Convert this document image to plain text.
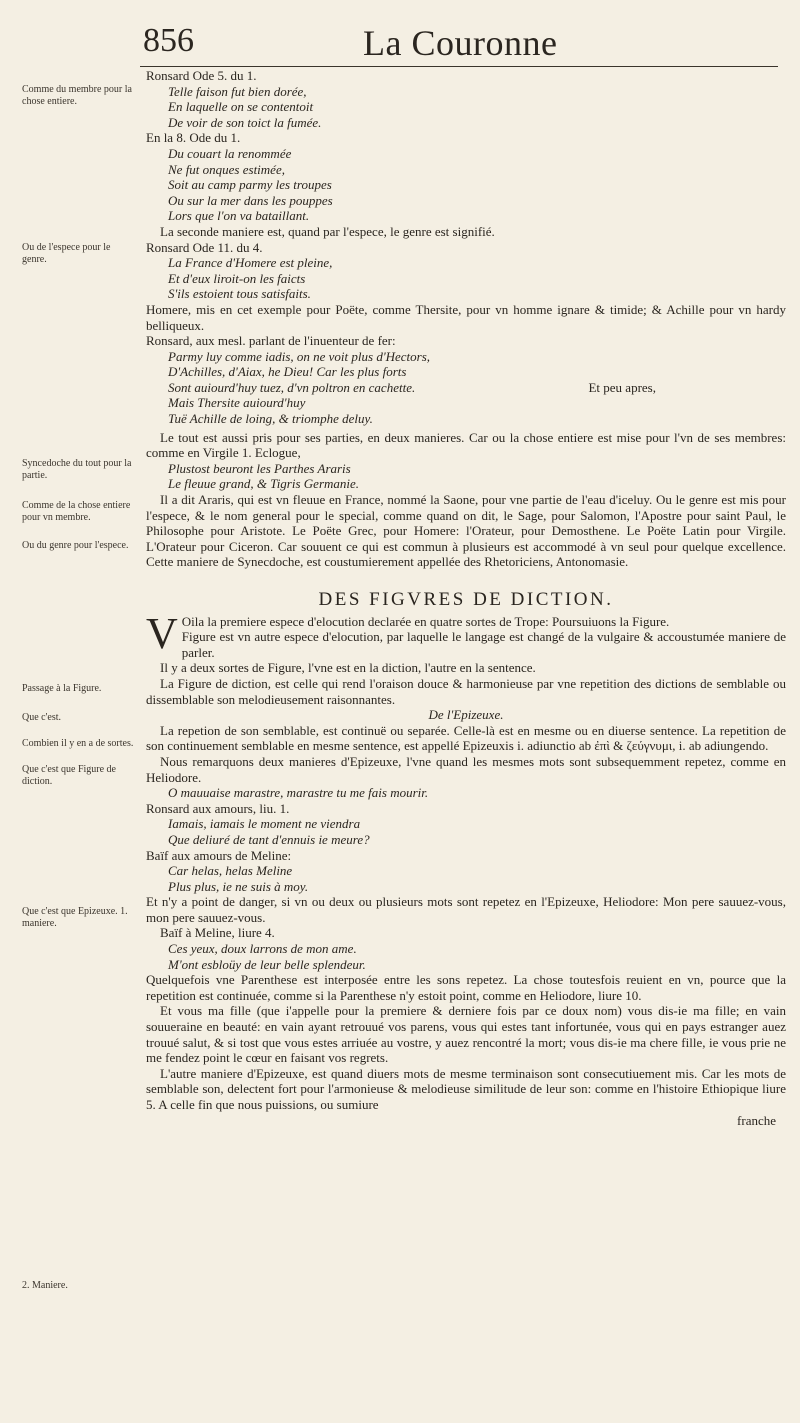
856	La Couronne
Comme du membre pour la chose entiere.
Ou de l'espece pour le genre.
Syncedoche du tout pour la partie.
Comme de la chose entiere pour vn membre.
Ou du genre pour l'espece.
Passage à la Figure.
Que c'est.
Combien il y en a de sortes.
Que c'est que Figure de diction.
Que c'est que Epizeuxe. 1. maniere.
2. Maniere.
Ronsard Ode 5. du 1.
Telle faison fut bien dorée,
En laquelle on se contentoit
De voir de son toict la fumée.
En la 8. Ode du 1.
Du couart la renommée
Ne fut onques estimée,
Soit au camp parmy les troupes
Ou sur la mer dans les pouppes
Lors que l'on va bataillant.
La seconde maniere est, quand par l'espece, le genre est signifié.
Ronsard Ode 11. du 4.
La France d'Homere est pleine,
Et d'eux liroit-on les faicts
S'ils estoient tous satisfaits.

Homere, mis en cet exemple pour Poëte, comme Thersite, pour vn homme ignare & timide; & Achille pour vn hardy belliqueux.

Ronsard, aux mesl. parlant de l'inuenteur de fer:
Parmy luy comme iadis, on ne voit plus d'Hectors,
D'Achilles, d'Aiax, he Dieu! Car les plus forts
Sont auiourd'huy tuez, d'vn poltron en cachette.	Et peu apres,
Mais Thersite auiourd'huy
Tuë Achille de loing, & triomphe deluy.

Le tout est aussi pris pour ses parties, en deux manieres. Car ou la chose entiere est mise pour l'vn de ses membres: comme en Virgile 1. Eclogue,

Plustost beuront les Parthes Araris
Le fleuue grand, & Tigris Germanie.

Il a dit Araris, qui est vn fleuue en France, nommé la Saone, pour vne partie de l'eau d'iceluy. Ou le genre est mis pour l'espece, & le nom general pour le special, comme quand on dit, le Sage, pour Salomon, l'Apostre pour saint Paul, le Philosophe pour Aristote. Le Poëte Grec, pour Homere: l'Orateur, pour Demosthene. Le Poëte Latin pour Virgile. L'Orateur pour Ciceron. Car souuent ce qui est commun à plusieurs est accommodé à vn seul pour quelque excellence. Cette maniere de Synecdoche, est coustumierement appellée des Rhetoriciens, Antonomasie.

DES FIGVRES DE DICTION.
V Oila la premiere espece d'elocution declarée en quatre sortes de Trope: Poursuiuons la Figure.

Figure est vn autre espece d'elocution, par laquelle le langage est changé de la vulgaire & accoustumée maniere de parler.

Il y a deux sortes de Figure, l'vne est en la diction, l'autre en la sentence.

La Figure de diction, est celle qui rend l'oraison douce & harmonieuse par vne repetition des dictions de semblable ou dissemblable son melodieusement raisonnantes.

De l'Epizeuxe.

La repetion de son semblable, est continuë ou separée. Celle-là est en mesme ou en diuerse sentence. La repetition de son continuement semblable en mesme sentence, est appellé Epizeuxis i. adiunctio ab ἐπὶ & ζεύγνυμι, i. ab adiungendo.

Nous remarquons deux manieres d'Epizeuxe, l'vne quand les mesmes mots sont subsequemment repetez, comme en Heliodore.

O mauuaise marastre, marastre tu me fais mourir.
Ronsard aux amours, liu. 1.
Iamais, iamais le moment ne viendra
Que deliuré de tant d'ennuis ie meure?
Baïf aux amours de Meline:
Car helas, helas Meline
Plus plus, ie ne suis à moy.

Et n'y a point de danger, si vn ou deux ou plusieurs mots sont repetez en l'Epizeuxe, Heliodore: Mon pere sauuez-vous, mon pere sauuez-vous.

Baïf à Meline, liure 4.
Ces yeux, doux larrons de mon ame.
M'ont esbloüy de leur belle splendeur.

Quelquefois vne Parenthese est interposée entre les sons repetez. La chose toutesfois reuient en vn, pource que la repetition est continuée, comme si la Parenthese n'y estoit point, comme en Heliodore, liure 10.

Et vous ma fille (que i'appelle pour la premiere & derniere fois par ce doux nom) vous dis-ie ma fille; en vain souueraine en beauté: en vain ayant retrouué vos parens, vous qui estes tant infortunée, vous qui en pays estranger auez trouué salut, & si tost que vous estes arriuée au vostre, y auez rencontré la mort; vous dis-ie ma chere fille, ie vous prie ne me fendez point le cœur en faisant vos regrets.

L'autre maniere d'Epizeuxe, est quand diuers mots de mesme terminaison sont consecutiuement mis. Car les mots de semblable son, delectent fort pour l'armonieuse & melodieuse similitude de leur son: comme en l'histoire Ethiopique liure 5. A celle fin que nous puissions, ou sumiure

franche
